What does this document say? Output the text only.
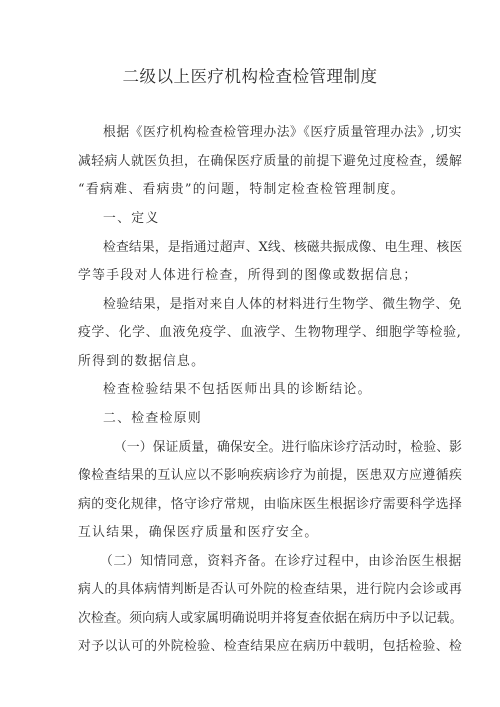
二级以上医疗机构检查检管理制度
根据《医疗机构检查检管理办法》《医疗质量管理办法》,切实
减轻病人就医负担，在确保医疗质量的前提下避免过度检查，缓解
“看病难、看病贵”的问题，特制定检查检管理制度。
一、定义
检查结果，是指通过超声、X线、核磁共振成像、电生理、核医
学等手段对人体进行检查，所得到的图像或数据信息；
检验结果，是指对来自人体的材料进行生物学、微生物学、免
疫学、化学、血液免疫学、血液学、生物物理学、细胞学等检验,
所得到的数据信息。
检查检验结果不包括医师出具的诊断结论。
二、检查检原则
（一）保证质量，确保安全。进行临床诊疗活动时，检验、影
像检查结果的互认应以不影响疾病诊疗为前提，医患双方应遵循疾
病的变化规律，恪守诊疗常规，由临床医生根据诊疗需要科学选择
互认结果，确保医疗质量和医疗安全。
（二）知情同意，资料齐备。在诊疗过程中，由诊治医生根据
病人的具体病情判断是否认可外院的检查结果，进行院内会诊或再
次检查。须向病人或家属明确说明并将复查依据在病历中予以记载。
对予以认可的外院检验、检查结果应在病历中载明，包括检验、检
